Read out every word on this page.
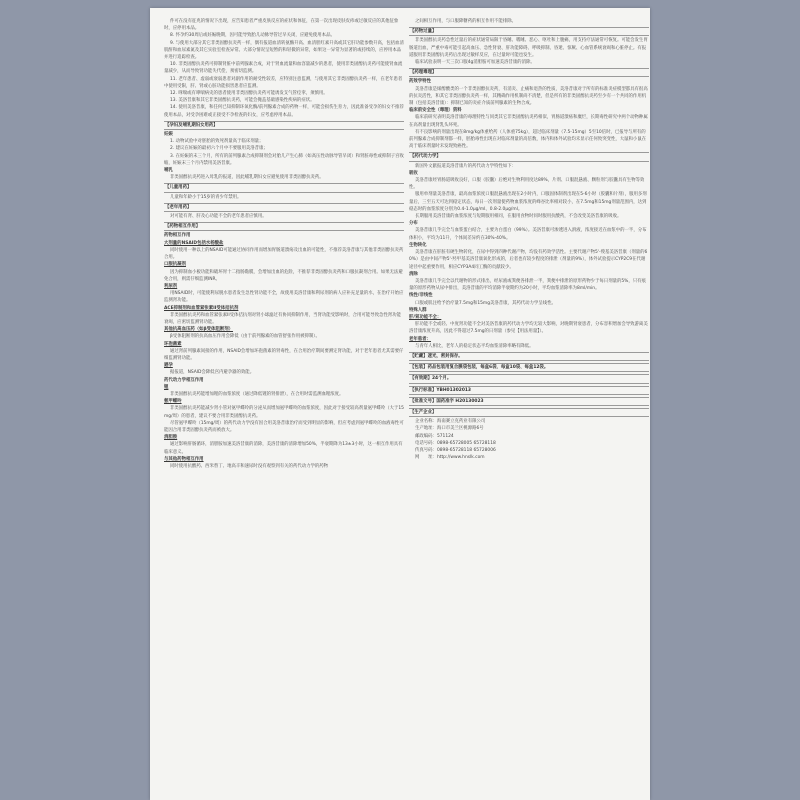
件可在没有征兆的情况下出现，应告知患者严重皮肤反应的症状和体征，在第一次出现皮肤皮疹或过敏反应的其他征象时，应停用本品。
8. 怀孕约30周后或妊娠晚期，因可能导致胎儿动脉导管过早关闭，应避免使用本品。
9. 与使用大部分其它非类固醇抗炎药一样，偶有报道血清转氨酶升高、血清胆红素升高或其它肝功能参数升高，包括血清肌酐和血尿素氮及其它实验室检查异常。大部分情况呈短暂的和轻微的异常，如果这一异常为显著的或持续的，应停用本品并进行追踪检查。
10. 非类固醇抗炎药可抑制肾脏中前列腺素合成，对于肾血流量和血容量减少的患者，使用非类固醇抗炎药可能使肾血流量减少，从而导致肾功能失代偿，须密切监测。
11. 老年患者、虚弱或衰弱患者对副作用的耐受性较差，应特别注意监测，与使用其它非类固醇抗炎药一样，在老年患者中使用受限，肝、肾或心脏功能损害患者应监测。
12. 哮喘或有哮喘病史的患者使用非类固醇抗炎药可能诱发支气管痉挛，须慎用。
13. 美洛昔康和其它非类固醇抗炎药，可能会掩盖基础感染性疾病的症状。
14. 使用美洛昔康，和任何已知抑制环氧化酶/前列腺素合成的药物一样，可能会损伤生育力，因此准备受孕的妇女不推荐使用本品，对受孕困难或正接受不孕检查的妇女，应考虑停用本品。
【孕妇及哺乳期妇女用药】
妊娠
1. 动物试验中对胚胎的致死剂量高于临床剂量；
2. 建议在妊娠的最初六个月中不要服用美洛昔康；
3. 在妊娠的末三个月，所有的前列腺素合成抑制剂会对胎儿产生心肺（如高压性动脉导管早闭）和肾脏毒性或抑制子宫收缩，妊娠末三个月内禁用美洛昔康。
哺乳
非类固醇抗炎药进入母乳的报道，因此哺乳期妇女应避免使用非类固醇抗炎药。
【儿童用药】
儿童和年龄小于15岁的青少年禁用。
【老年用药】
对可能有肾、肝及心功能不全的老年患者应慎用。
【药物相互作用】
药物相互作用
大剂量的NSAID包括水杨酸盐
同时使用一种以上的NSAID可能通过协同作用而增加胃肠道溃疡及出血的可能性，不推荐美洛昔康与其他非类固醇抗炎药合用。
口服抗凝剂
因为抑制血小板功能和破坏胃十二指肠黏膜，会增加出血的危险，不推荐非类固醇抗炎药和口服抗凝剂合用。如果无法避免合用，则需仔细监测INR。
利尿剂
用NSAID时，可能使利尿脱水患者发生急性肾功能不全，故使用美洛昔康和利尿剂的病人应补充足量的水，在治疗开始应监测肾功能。
ACE抑制剂和血管紧张素II受体拮抗剂
非类固醇抗炎药和血管紧张素II受体拮抗剂对肾小球滤过有协同抑制作用，当肾功能受影响时，合用可能导致急性肾功能衰竭，应密切监测肾功能。
其他抗高血压药（如β受体阻断剂）
β受体阻断剂的抗高血压作用会降低（由于前列腺素的血管舒张作用被抑制）。
环孢菌素
通过肾前列腺素间接的作用，NSAID会增加环孢菌素的肾毒性，在合用治疗期间要测定肾功能，对于老年患者尤其需要仔细监测肾功能。
避孕
据报道，NSAID会降低宫内避孕器的效能。
药代动力学相互作用
锂
非类固醇抗炎药能增加锂的血浆浓度（通过降低锂的肾排泄），在合用时需监测血锂浓度。
氨甲蝶呤
非类固醇抗炎药能减少肾小管对氨甲蝶呤的分泌从而增加氨甲蝶呤的血浆浓度，因此对于接受较高剂量氨甲蝶呤（大于15mg/周）的患者，建议不要合用非类固醇抗炎药。
尽管氨甲蝶呤（15mg/周）的药代动力学没有因合用美洛昔康治疗而受到明显的影响，但应考虑到氨甲蝶呤的血液毒性可能因合用非类固醇抗炎药而被放大。
消胆胺
通过影响肝肠循环，消胆胺加速美洛昔康的消除，美洛昔康的清除增加50%，半衰期降为13±3小时，这一相互作用具有临床意义。
与其他药物相互作用
同时使用抗酸药、西米替丁、地高辛和速尿时没有观察到有关的药代动力学的药物
之间相互作用，与口服降糖药的相互作用不能排除。
【药物过量】
非类固醇抗炎药急性过量后的症状通常局限于昏睡、嗜睡、恶心、呕吐和上腹痛，用支持疗法通常可恢复。可能会发生胃肠道出血，严重中毒可能引起高血压、急性肾衰、肝功能障碍、呼吸抑制、昏迷、惊厥、心血管系统衰竭和心脏停止。有报道服用非类固醇抗炎药后出现过敏样反应，在过量时可能也发生。
临床试验表明一天三次口服4g消胆胺可加速美洛昔康的消除。
【药理毒理】
药效学特性
美洛昔康是烯醇酸类的一个非类固醇抗炎药，有消炎、止痛和退热的性质，美洛昔康对于所有的标准炎症模型都具有很高的抗炎活性，和其它非类固醇抗炎药一样，其精确作用机制尚不清楚，但是所有的非类固醇抗炎药至少有一个共同的作用机制（包括美洛昔康）：抑制已知的炎症介质前列腺素的生物合成。
临床前安全性（毒理）资料
临床前研究表明美洛昔康的毒理特性与同类其它非类固醇抗炎药相似，胃肠道溃疡和糜烂，长期毒性研究中两个动物种属在高剂量出现肾乳头坏死。
有不良影响的剂量出现在8mg/kg体重给药（人体重75kg），超过临床剂量（7.5-15mg）5至10倍时，已报导与所有的前列腺素合成抑制剂都一样，胚胎毒性出现在对临床剂量的高倍数，体内和体外试验均未显示任何致突变性，大鼠和小鼠在高于临床剂量时未发现致癌性。
【药代动力学】
新国外文献报道美洛昔康片的药代动力学特性如下：
吸收
美洛昔康经胃肠道吸收良好，口服（胶囊）后绝对生物利用度达89%，片剂、口服混悬液、颗粒剂与胶囊具有生物等效性。
服用单剂量美洛昔康，最高血浆浓度口服混悬液出现在2小时内，口服固体制剂出现在5-6小时（胶囊和片剂），服用多剂量后，三至五天可达到稳定状态，每日一次剂量使药物血浆浓度的峰谷比率相对较小，在7.5mg和15mg剂量范围内，达到稳态时的血浆浓度分别为0.4-1.0μg/ml、0.8-2.0μg/ml。
长期服用美洛昔康的血浆浓度与短期服用相同，在服用食物时同时服用抗酸药，不会改变美洛昔康的吸收。
分布
美洛昔康几乎完全与血浆蛋白结合，主要为白蛋白（99%）。美洛昔康可渗透进入滑液，浓度接近在血浆中的一半，分布体积小，平均为11升，个体间差异约在30%-40%。
生物转化
美洛昔康在肝脏有硬生物转化，在尿中得到四种代谢产物，均没有药效学活性。主要代谢产物5'-羧基美洛昔康（剂量的60%）是由中间产物5'-羟甲基美洛昔康氧化形成的，后者也有较少程度的排泄（剂量的9%），体外试验提示CYP2C9在代谢途径中起重要作用，相应CYP3A4同工酶的贡献较少。
消除
美洛昔康几乎完全以代谢物的形式排出，经尿液或粪便各排泄一半，粪便中排泄的原形药物少于每日剂量的5%，只有痕量的原形药物从尿中排出，美洛昔康的平均消除半衰期约为20小时，平均血浆清除率为8ml/min。
线性/非线性
口服或肌注给予治疗量7.5mg和15mg美洛昔康，其药代动力学呈线性。
特殊人群
肝/肾功能不全：
肝功能不全或轻、中度肾功能不全对美洛昔康的药代动力学均无较大影响，对晚期肾衰患者，分布容积增加会导致游离美洛昔康浓度升高，因此不得超过7.5mg的日剂量（参见【用法用量】）。
老年患者：
与青年人相比，老年人的稳定状态平均血浆清除率略有降低。
【贮藏】遮光，密封保存。
【包装】药品包装用复合膜袋包装，每盒6袋、每盒10袋、每盒12袋。
【有效期】24个月。
【执行标准】YBH01302013
【批准文号】国药准字 H20130023
【生产企业】
企业名称：海南赛立克药业有限公司
生产地址：海口市美兰区桃源路6号
邮政编码：571124
电话号码：0898-65728005 65728118
传真号码：0898-65728118 65728006
网　　址：http://www.hnslk.com
